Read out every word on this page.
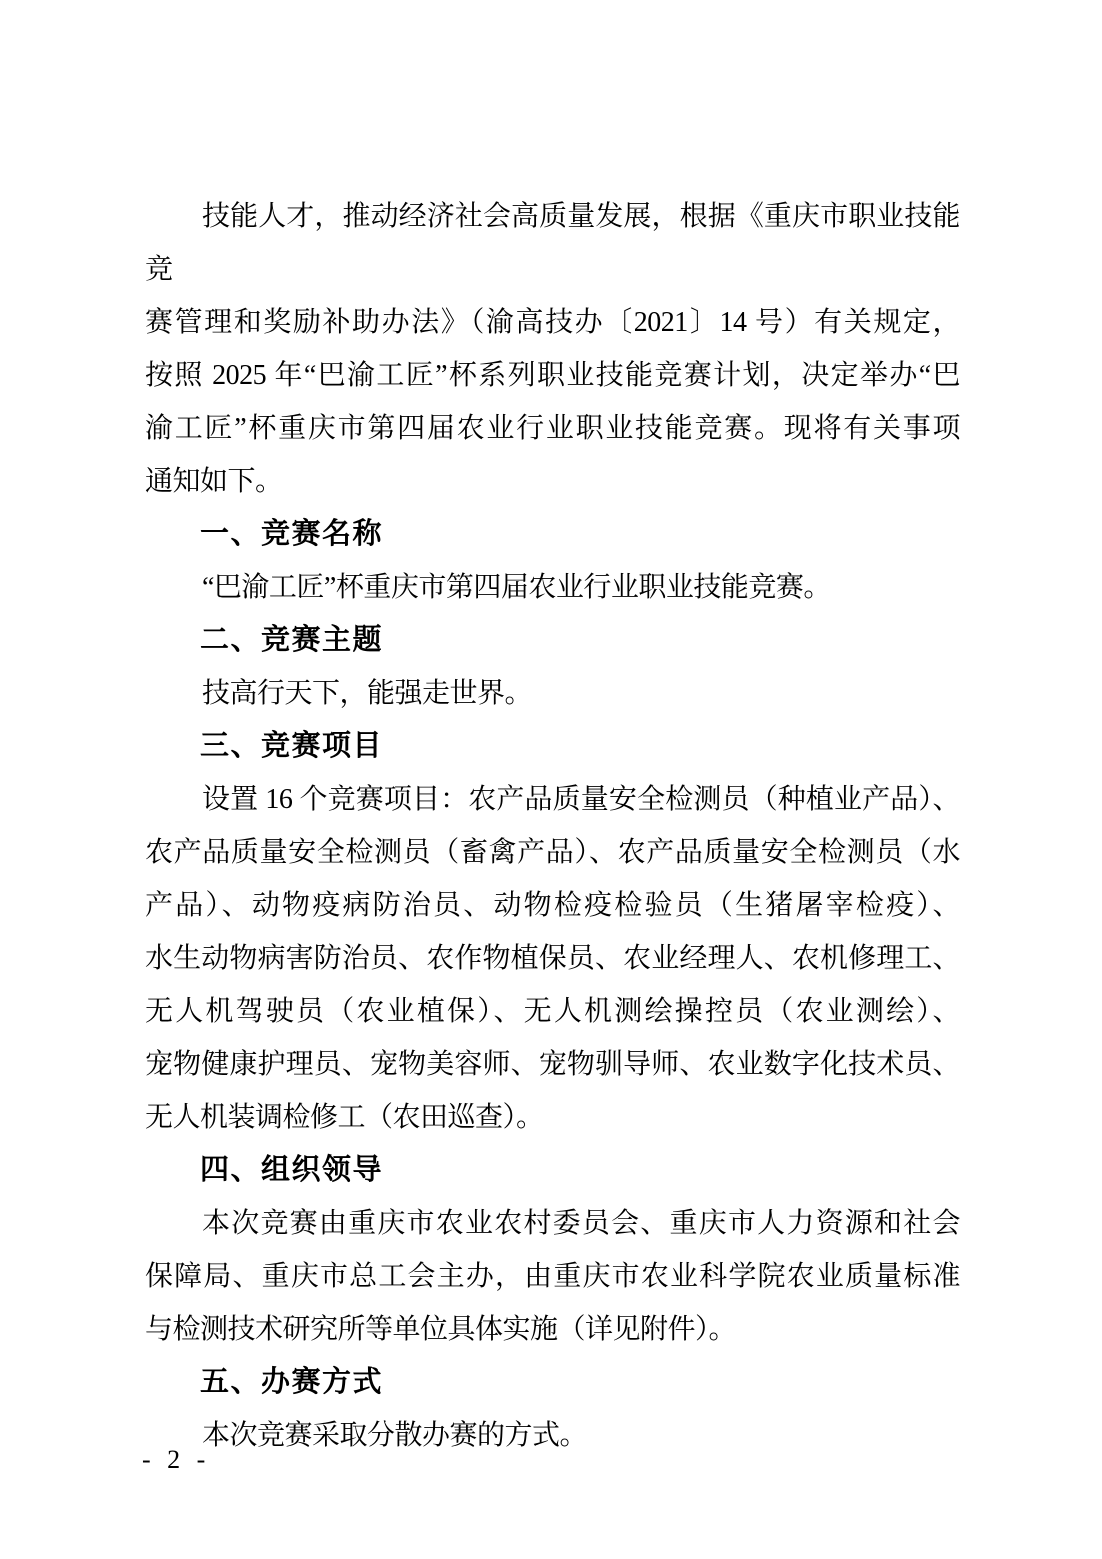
技能人才，推动经济社会高质量发展，根据《重庆市职业技能竞
赛管理和奖励补助办法》（渝高技办〔2021〕14 号）有关规定，
按照 2025 年“巴渝工匠”杯系列职业技能竞赛计划，决定举办“巴
渝工匠”杯重庆市第四届农业行业职业技能竞赛。现将有关事项
通知如下。
一、竞赛名称
“巴渝工匠”杯重庆市第四届农业行业职业技能竞赛。
二、竞赛主题
技高行天下，能强走世界。
三、竞赛项目
设置 16 个竞赛项目：农产品质量安全检测员（种植业产品）、
农产品质量安全检测员（畜禽产品）、农产品质量安全检测员（水
产品）、动物疫病防治员、动物检疫检验员（生猪屠宰检疫）、
水生动物病害防治员、农作物植保员、农业经理人、农机修理工、
无人机驾驶员（农业植保）、无人机测绘操控员（农业测绘）、
宠物健康护理员、宠物美容师、宠物驯导师、农业数字化技术员、
无人机装调检修工（农田巡查）。
四、组织领导
本次竞赛由重庆市农业农村委员会、重庆市人力资源和社会
保障局、重庆市总工会主办，由重庆市农业科学院农业质量标准
与检测技术研究所等单位具体实施（详见附件）。
五、办赛方式
本次竞赛采取分散办赛的方式。
- 2 -
